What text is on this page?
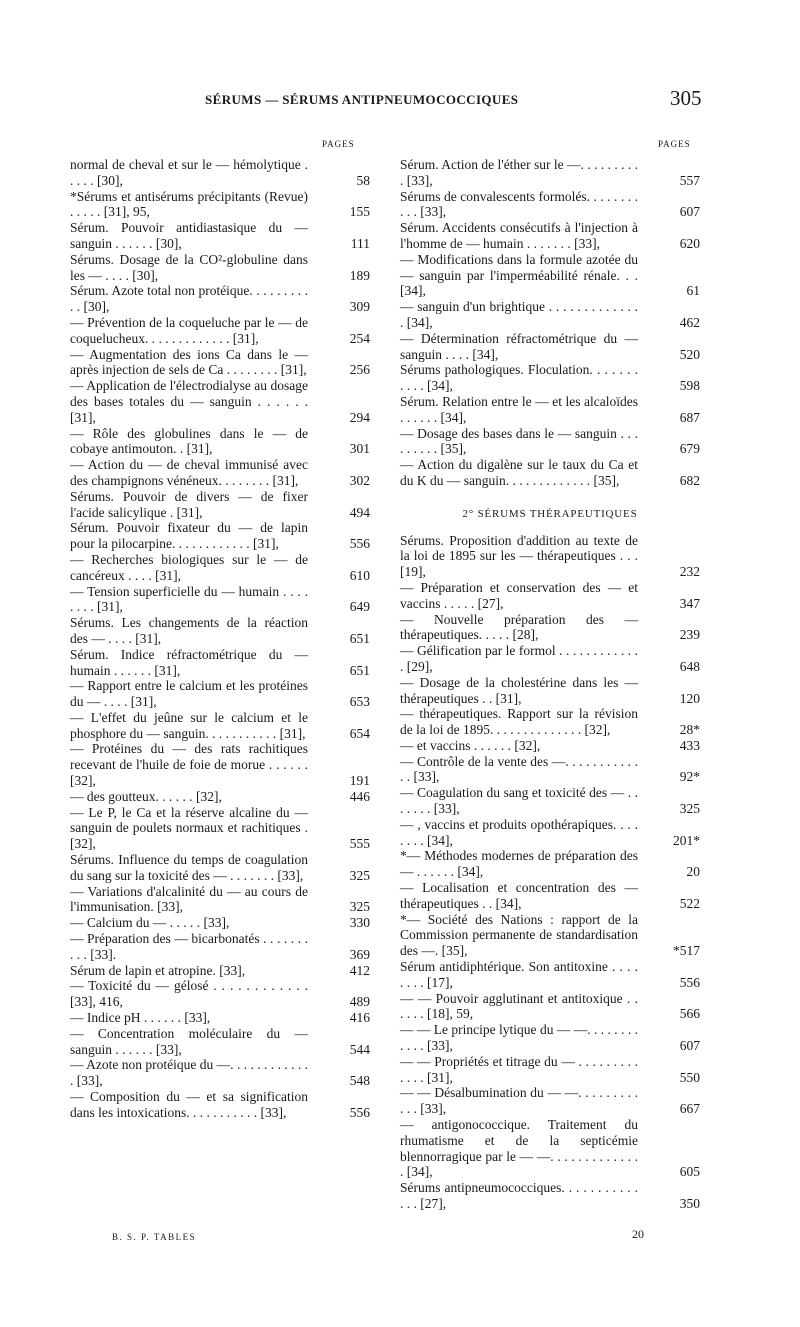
SÉRUMS — SÉRUMS ANTIPNEUMOCOCCIQUES	305
PAGES	PAGES
normal de cheval et sur le — hémolytique . . . . . [30],	58
*Sérums et antisérums précipitants (Revue) . . . . . [31], 95,	155
Sérum. Pouvoir antidiastasique du — sanguin . . . . . . [30],	111
Sérums. Dosage de la CO²-globuline dans les — . . . . [30],	189
Sérum. Azote total non protéique. . . . . . . . . . . [30],	309
— Prévention de la coqueluche par le — de coquelucheux. . . . . . . . . . . . . [31],	254
— Augmentation des ions Ca dans le — après injection de sels de Ca . . . . . . . . [31],	256
— Application de l'électrodialyse au dosage des bases totales du — sanguin . . . . . . [31],	294
— Rôle des globulines dans le — de cobaye antimouton. . [31],	301
— Action du — de cheval immunisé avec des champignons vénéneux. . . . . . . . [31],	302
Sérums. Pouvoir de divers — de fixer l'acide salicylique . [31],	494
Sérum. Pouvoir fixateur du — de lapin pour la pilocarpine. . . . . . . . . . . . [31],	556
— Recherches biologiques sur le — de cancéreux . . . . [31],	610
— Tension superficielle du — humain . . . . . . . . [31],	649
Sérums. Les changements de la réaction des — . . . . [31],	651
Sérum. Indice réfractométrique du — humain . . . . . . [31],	651
— Rapport entre le calcium et les protéines du — . . . . [31],	653
— L'effet du jeûne sur le calcium et le phosphore du — sanguin. . . . . . . . . . . [31],	654
— Protéines du — des rats rachitiques recevant de l'huile de foie de morue . . . . . . [32],	191
— des goutteux. . . . . . [32],	446
— Le P, le Ca et la réserve alcaline du — sanguin de poulets normaux et rachitiques . [32],	555
Sérums. Influence du temps de coagulation du sang sur la toxicité des — . . . . . . . [33],	325
— Variations d'alcalinité du — au cours de l'immunisation. [33],	325
— Calcium du — . . . . . [33],	330
— Préparation des — bicarbonatés . . . . . . . . . . [33].	369
Sérum de lapin et atropine. [33],	412
— Toxicité du — gélosé . . . . . . . . . . . . [33], 416,	489
— Indice pH . . . . . . [33],	416
— Concentration moléculaire du — sanguin . . . . . . [33],	544
— Azote non protéique du —. . . . . . . . . . . . . [33],	548
— Composition du — et sa signification dans les intoxications. . . . . . . . . . . [33],	556
Sérum. Action de l'éther sur le —. . . . . . . . . . [33],	557
Sérums de convalescents formolés. . . . . . . . . . . [33],	607
Sérum. Accidents consécutifs à l'injection à l'homme de — humain . . . . . . . [33],	620
— Modifications dans la formule azotée du — sanguin par l'imperméabilité rénale. . . [34],	61
— sanguin d'un brightique . . . . . . . . . . . . . . [34],	462
— Détermination réfractométrique du — sanguin . . . . [34],	520
Sérums pathologiques. Floculation. . . . . . . . . . . [34],	598
Sérum. Relation entre le — et les alcaloïdes . . . . . . [34],	687
— Dosage des bases dans le — sanguin . . . . . . . . . [35],	679
— Action du digalène sur le taux du Ca et du K du — sanguin. . . . . . . . . . . . . [35],	682
2° SÉRUMS THÉRAPEUTIQUES
Sérums. Proposition d'addition au texte de la loi de 1895 sur les — thérapeutiques . . . [19],	232
— Préparation et conservation des — et vaccins . . . . . [27],	347
— Nouvelle préparation des — thérapeutiques. . . . . [28],	239
— Gélification par le formol . . . . . . . . . . . . . [29],	648
— Dosage de la cholestérine dans les — thérapeutiques . . [31],	120
— thérapeutiques. Rapport sur la révision de la loi de 1895. . . . . . . . . . . . . . [32],	28*
— et vaccins . . . . . . [32],	433
— Contrôle de la vente des —. . . . . . . . . . . . . [33],	92*
— Coagulation du sang et toxicité des — . . . . . . . [33],	325
— , vaccins et produits opothérapiques. . . . . . . . [34],	201*
*— Méthodes modernes de préparation des — . . . . . . [34],	20
— Localisation et concentration des — thérapeutiques . . [34],	522
*— Société des Nations : rapport de la Commission permanente de standardisation des —. [35],	*517
Sérum antidiphtérique. Son antitoxine . . . . . . . . [17],	556
— — Pouvoir agglutinant et antitoxique . . . . . . [18], 59,	566
— — Le principe lytique du — —. . . . . . . . . . . . [33],	607
— — Propriétés et titrage du — . . . . . . . . . . . . . [31],	550
— — Désalbumination du — —. . . . . . . . . . . . [33],	667
— antigonococcique. Traitement du rhumatisme et de la septicémie blennorragique par le — —. . . . . . . . . . . . . . [34],	605
Sérums antipneumococciques. . . . . . . . . . . . . . [27],	350
B. S. P. TABLES	20
